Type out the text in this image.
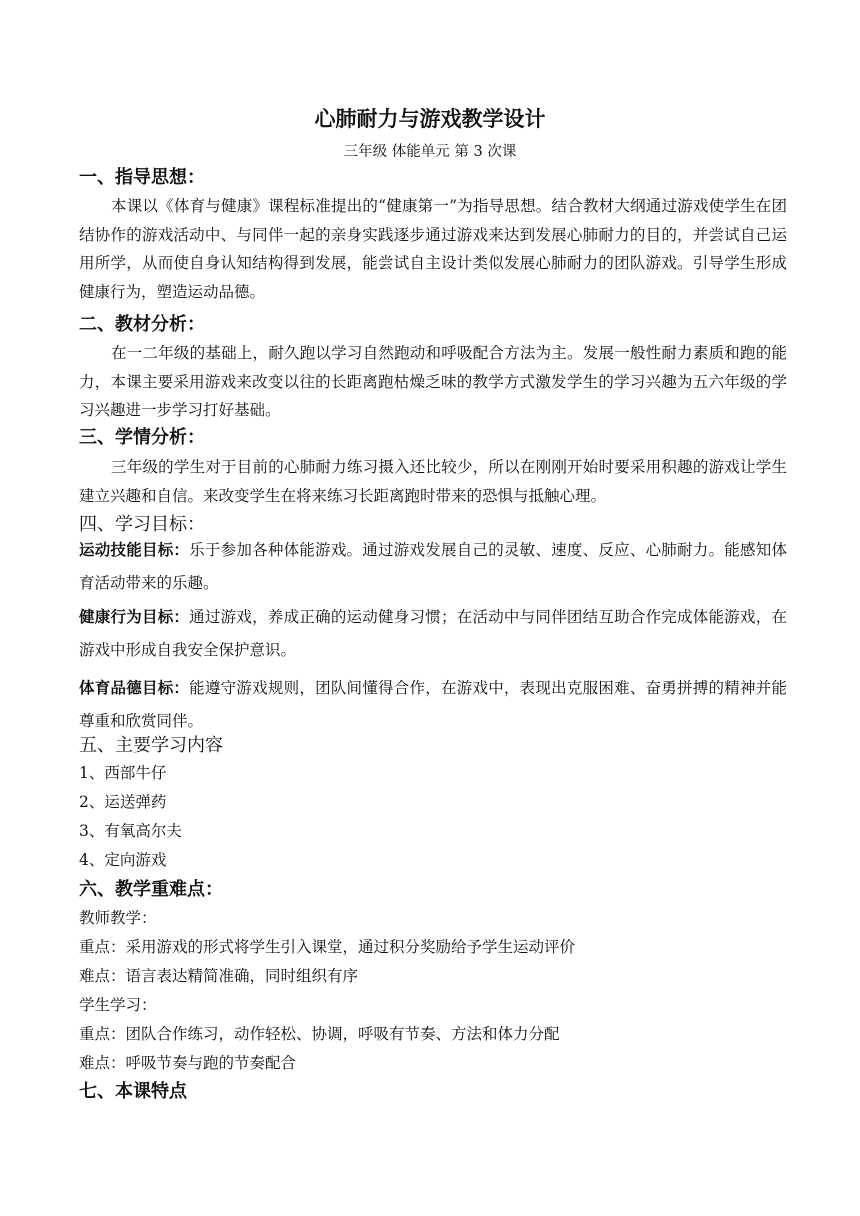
心肺耐力与游戏教学设计
三年级 体能单元 第 3 次课
一、指导思想：
本课以《体育与健康》课程标准提出的“健康第一”为指导思想。结合教材大纲通过游戏使学生在团结协作的游戏活动中、与同伴一起的亲身实践逐步通过游戏来达到发展心肺耐力的目的，并尝试自己运用所学，从而使自身认知结构得到发展，能尝试自主设计类似发展心肺耐力的团队游戏。引导学生形成健康行为，塑造运动品德。
二、教材分析：
在一二年级的基础上，耐久跑以学习自然跑动和呼吸配合方法为主。发展一般性耐力素质和跑的能力，本课主要采用游戏来改变以往的长距离跑枯燥乏味的教学方式激发学生的学习兴趣为五六年级的学习兴趣进一步学习打好基础。
三、学情分析：
三年级的学生对于目前的心肺耐力练习摄入还比较少，所以在刚刚开始时要采用积趣的游戏让学生建立兴趣和自信。来改变学生在将来练习长距离跑时带来的恐惧与抵触心理。
四、学习目标：
运动技能目标：乐于参加各种体能游戏。通过游戏发展自己的灵敏、速度、反应、心肺耐力。能感知体育活动带来的乐趣。
健康行为目标：通过游戏，养成正确的运动健身习惯；在活动中与同伴团结互助合作完成体能游戏，在游戏中形成自我安全保护意识。
体育品德目标：能遵守游戏规则，团队间懂得合作，在游戏中，表现出克服困难、奋勇拼搏的精神并能尊重和欣赏同伴。
五、主要学习内容
1、西部牛仔
2、运送弹药
3、有氧高尔夫
4、定向游戏
六、教学重难点：
教师教学：
重点：采用游戏的形式将学生引入课堂，通过积分奖励给予学生运动评价
难点：语言表达精简准确，同时组织有序
学生学习：
重点：团队合作练习，动作轻松、协调，呼吸有节奏、方法和体力分配
难点：呼吸节奏与跑的节奏配合
七、本课特点
